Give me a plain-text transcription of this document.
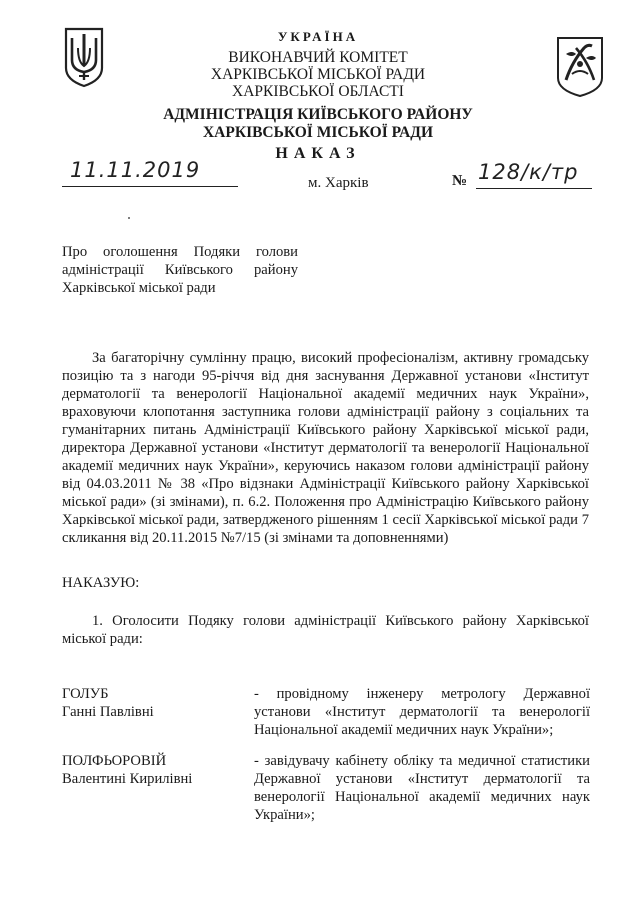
УКРАЇНА
ВИКОНАВЧИЙ КОМІТЕТ
ХАРКІВСЬКОЇ МІСЬКОЇ РАДИ
ХАРКІВСЬКОЇ ОБЛАСТІ
АДМІНІСТРАЦІЯ КИЇВСЬКОГО РАЙОНУ
ХАРКІВСЬКОЇ МІСЬКОЇ РАДИ
НАКАЗ
11.11.2019
м. Харків	№ 128/к/тр
Про оголошення Подяки голови адміністрації Київського району Харківської міської ради
За багаторічну сумлінну працю, високий професіоналізм, активну громадську позицію та з нагоди 95-річчя від дня заснування Державної установи «Інститут дерматології та венерології Національної академії медичних наук України», враховуючи клопотання заступника голови адміністрації району з соціальних та гуманітарних питань Адміністрації Київського району Харківської міської ради, директора Державної установи «Інститут дерматології та венерології Національної академії медичних наук України», керуючись наказом голови адміністрації району від 04.03.2011 № 38 «Про відзнаки Адміністрації Київського району Харківської міської ради» (зі змінами), п. 6.2. Положення про Адміністрацію Київського району Харківської міської ради, затвердженого рішенням 1 сесії Харківської міської ради 7 скликання від 20.11.2015 №7/15 (зі змінами та доповненнями)
НАКАЗУЮ:
1. Оголосити Подяку голови адміністрації Київського району Харківської міської ради:
ГОЛУБ
Ганні Павлівні
- провідному інженеру метрологу Державної установи «Інститут дерматології та венерології Національної академії медичних наук України»;
ПОЛФЬОРОВІЙ
Валентині Кирилівні
- завідувачу кабінету обліку та медичної статистики Державної установи «Інститут дерматології та венерології Національної академії медичних наук України»;
